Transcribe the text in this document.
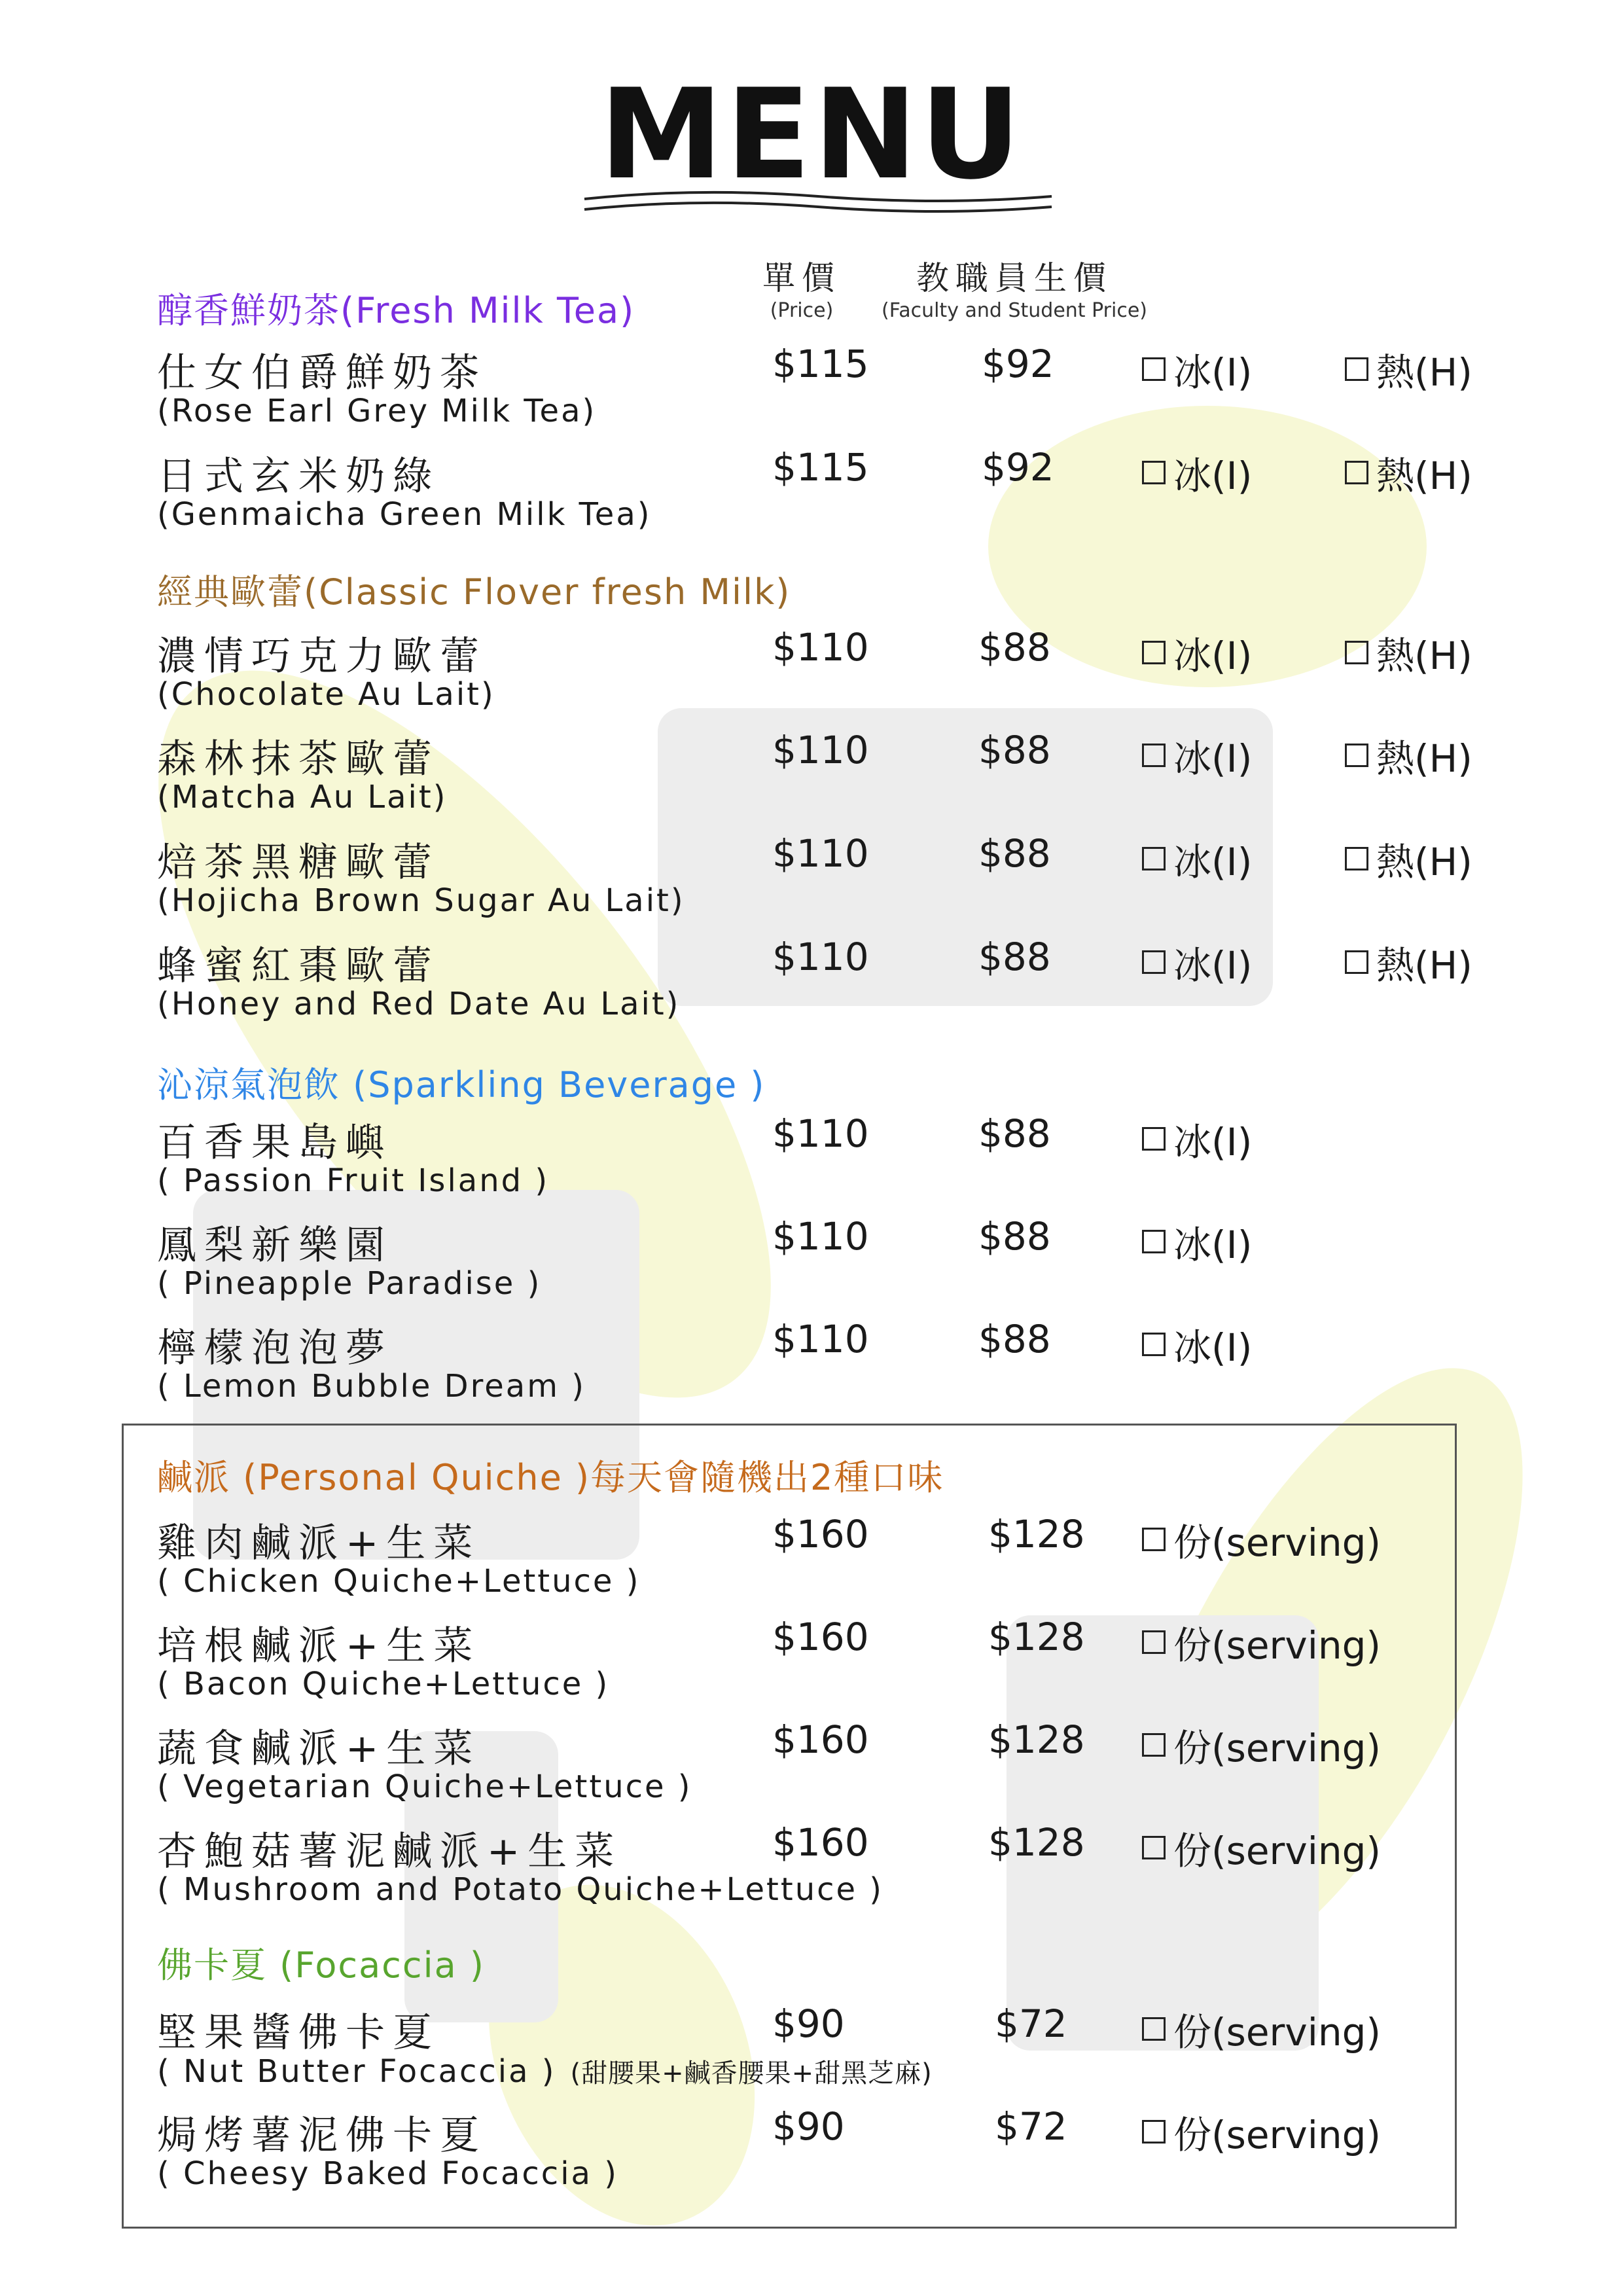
MENU
單價
(Price)
教職員生價
(Faculty and Student Price)
醇香鮮奶茶(Fresh Milk Tea)
仕女伯爵鮮奶茶
(Rose Earl Grey Milk Tea)
$115	$92	冰(I)	熱(H)
日式玄米奶綠
(Genmaicha Green Milk Tea)
$115	$92	冰(I)	熱(H)
經典歐蕾(Classic Flover fresh Milk)
濃情巧克力歐蕾
(Chocolate Au Lait)
$110	$88	冰(I)	熱(H)
森林抹茶歐蕾
(Matcha Au Lait)
$110	$88	冰(I)	熱(H)
焙茶黑糖歐蕾
(Hojicha Brown Sugar Au Lait)
$110	$88	冰(I)	熱(H)
蜂蜜紅棗歐蕾
(Honey and Red Date Au Lait)
$110	$88	冰(I)	熱(H)
沁涼氣泡飲 (Sparkling Beverage )
百香果島嶼
( Passion Fruit Island )
$110	$88	冰(I)
鳳梨新樂園
( Pineapple Paradise )
$110	$88	冰(I)
檸檬泡泡夢
( Lemon Bubble Dream )
$110	$88	冰(I)
鹹派 (Personal Quiche )每天會隨機出2種口味
雞肉鹹派+生菜
( Chicken Quiche+Lettuce )
$160	$128 份(serving)
培根鹹派+生菜
( Bacon Quiche+Lettuce )
$160	$128 份(serving)
蔬食鹹派+生菜
( Vegetarian Quiche+Lettuce )
$160	$128 份(serving)
杏鮑菇薯泥鹹派+生菜
( Mushroom and Potato Quiche+Lettuce )
$160	$128 份(serving)
佛卡夏 (Focaccia )
堅果醬佛卡夏
( Nut Butter Focaccia ) (甜腰果+鹹香腰果+甜黑芝麻)
$90	$72	份(serving)
焗烤薯泥佛卡夏
( Cheesy Baked Focaccia )
$90	$72	份(serving)
